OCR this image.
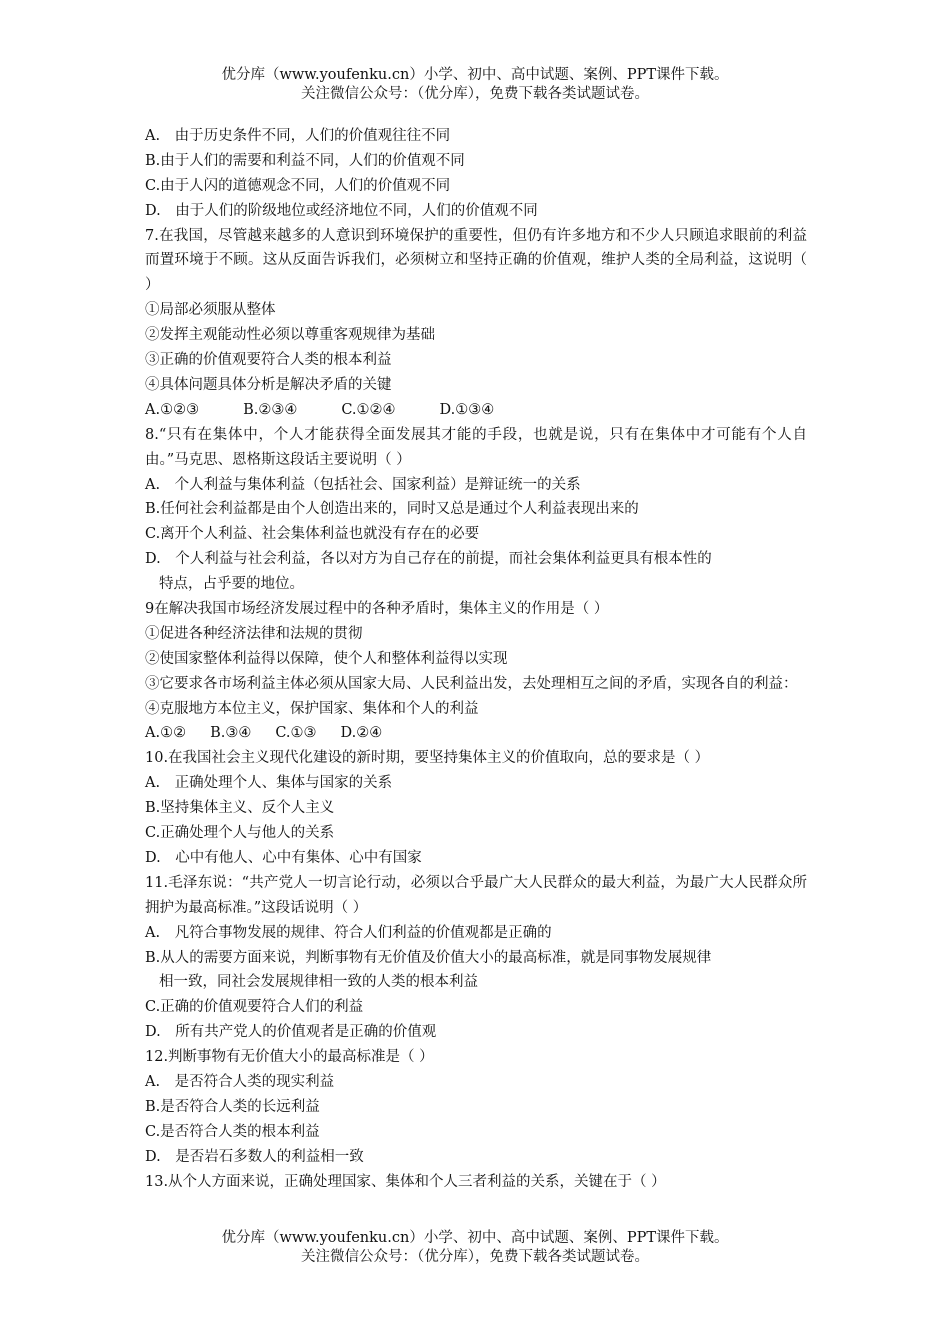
优分库（www.youfenku.cn）小学、初中、高中试题、案例、PPT课件下载。
关注微信公众号：（优分库），免费下载各类试题试卷。
A.　由于历史条件不同，人们的价值观往往不同
B.由于人们的需要和利益不同，人们的价值观不同
C.由于人闪的道德观念不同，人们的价值观不同
D.　由于人们的阶级地位或经济地位不同，人们的价值观不同
7.在我国，尽管越来越多的人意识到环境保护的重要性，但仍有许多地方和不少人只顾追求眼前的利益而置环境于不顾。这从反面告诉我们，必须树立和坚持正确的价值观，维护人类的全局利益，这说明（ ）
①局部必须服从整体
②发挥主观能动性必须以尊重客观规律为基础
③正确的价值观要符合人类的根本利益
④具体问题具体分析是解决矛盾的关键
A.①②③	B.②③④	C.①②④	D.①③④
8.“只有在集体中，个人才能获得全面发展其才能的手段，也就是说，只有在集体中才可能有个人自由。”马克思、恩格斯这段话主要说明（ ）
A.　个人利益与集体利益（包括社会、国家利益）是辩证统一的关系
B.任何社会利益都是由个人创造出来的，同时又总是通过个人利益表现出来的
C.离开个人利益、社会集体利益也就没有存在的必要
D.　个人利益与社会利益，各以对方为自己存在的前提，而社会集体利益更具有根本性的
特点，占乎要的地位。
9在解决我国市场经济发展过程中的各种矛盾时，集体主义的作用是（ ）
①促进各种经济法律和法规的贯彻
②使国家整体利益得以保障，使个人和整体利益得以实现
③它要求各市场利益主体必须从国家大局、人民利益出发，去处理相互之间的矛盾，实现各自的利益：
④克服地方本位主义，保护国家、集体和个人的利益
A.①② B.③④ C.①③ D.②④
10.在我国社会主义现代化建设的新时期，要坚持集体主义的价值取向，总的要求是（ ）
A.　正确处理个人、集体与国家的关系
B.坚持集体主义、反个人主义
C.正确处理个人与他人的关系
D.　心中有他人、心中有集体、心中有国家
11.毛泽东说：“共产党人一切言论行动，必须以合乎最广大人民群众的最大利益，为最广大人民群众所拥护为最高标准。”这段话说明（ ）
A.　凡符合事物发展的规律、符合人们利益的价值观都是正确的
B.从人的需要方面来说，判断事物有无价值及价值大小的最高标准，就是同事物发展规律
相一致，同社会发展规律相一致的人类的根本利益
C.正确的价值观要符合人们的利益
D.　所有共产党人的价值观者是正确的价值观
12.判断事物有无价值大小的最高标准是（ ）
A.　是否符合人类的现实利益
B.是否符合人类的长远利益
C.是否符合人类的根本利益
D.　是否岩石多数人的利益相一致
13.从个人方面来说，正确处理国家、集体和个人三者利益的关系，关键在于（ ）
优分库（www.youfenku.cn）小学、初中、高中试题、案例、PPT课件下载。
关注微信公众号：（优分库），免费下载各类试题试卷。
